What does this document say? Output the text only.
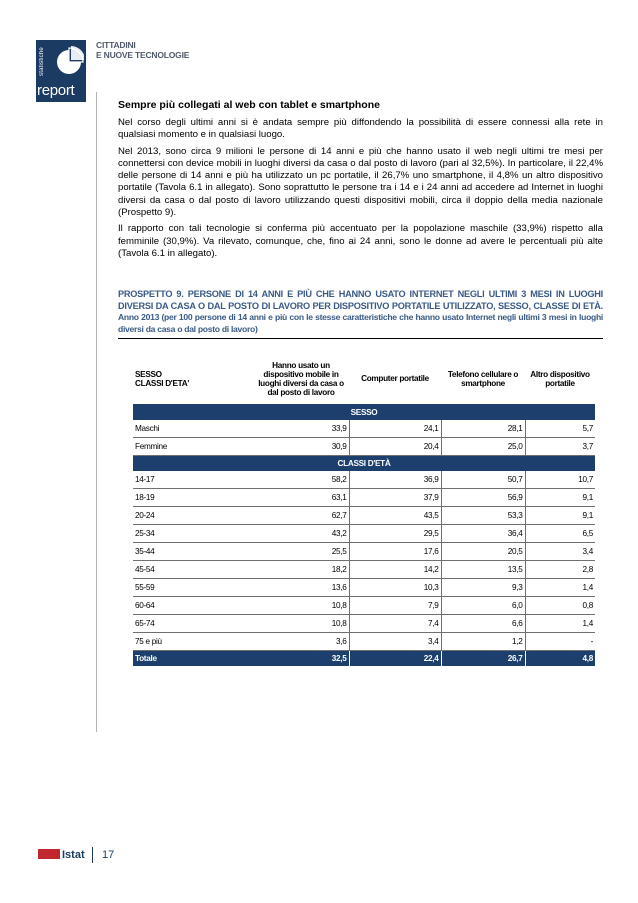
statistiche
report
CITTADINI
E NUOVE TECNOLOGIE
Sempre più collegati al web con tablet e smartphone

Nel corso degli ultimi anni si è andata sempre più diffondendo la possibilità di essere connessi alla rete in qualsiasi momento e in qualsiasi luogo.

Nel 2013, sono circa 9 milioni le persone di 14 anni e più che hanno usato il web negli ultimi tre mesi per connettersi con device mobili in luoghi diversi da casa o dal posto di lavoro (pari al 32,5%). In particolare, il 22,4% delle persone di 14 anni e più ha utilizzato un pc portatile, il 26,7% uno smartphone, il 4,8% un altro dispositivo portatile (Tavola 6.1 in allegato). Sono soprattutto le persone tra i 14 e i 24 anni ad accedere ad Internet in luoghi diversi da casa o dal posto di lavoro utilizzando questi dispositivi mobili, circa il doppio della media nazionale (Prospetto 9).

Il rapporto con tali tecnologie si conferma più accentuato per la popolazione maschile (33,9%) rispetto alla femminile (30,9%). Va rilevato, comunque, che, fino ai 24 anni, sono le donne ad avere le percentuali più alte (Tavola 6.1 in allegato).

PROSPETTO 9. PERSONE DI 14 ANNI E PIÙ CHE HANNO USATO INTERNET NEGLI ULTIMI 3 MESI IN LUOGHI DIVERSI DA CASA O DAL POSTO DI LAVORO PER DISPOSITIVO PORTATILE UTILIZZATO, SESSO, CLASSE DI ETÀ. Anno 2013 (per 100 persone di 14 anni e più con le stesse caratteristiche che hanno usato Internet negli ultimi 3 mesi in luoghi diversi da casa o dal posto di lavoro)
SESSO
CLASSI D'ETA'	Hanno usato un dispositivo mobile in luoghi diversi da casa o dal posto di lavoro	Computer portatile	Telefono cellulare o smartphone	Altro dispositivo portatile
SESSO				
Maschi	33,9	24,1	28,1	5,7
Femmine	30,9	20,4	25,0	3,7
CLASSI D'ETÀ				
14-17	58,2	36,9	50,7	10,7
18-19	63,1	37,9	56,9	9,1
20-24	62,7	43,5	53,3	9,1
25-34	43,2	29,5	36,4	6,5
35-44	25,5	17,6	20,5	3,4
45-54	18,2	14,2	13,5	2,8
55-59	13,6	10,3	9,3	1,4
60-64	10,8	7,9	6,0	0,8
65-74	10,8	7,4	6,6	1,4
75 e più	3,6	3,4	1,2	-
Totale	32,5	22,4	26,7	4,8
Istat 17
